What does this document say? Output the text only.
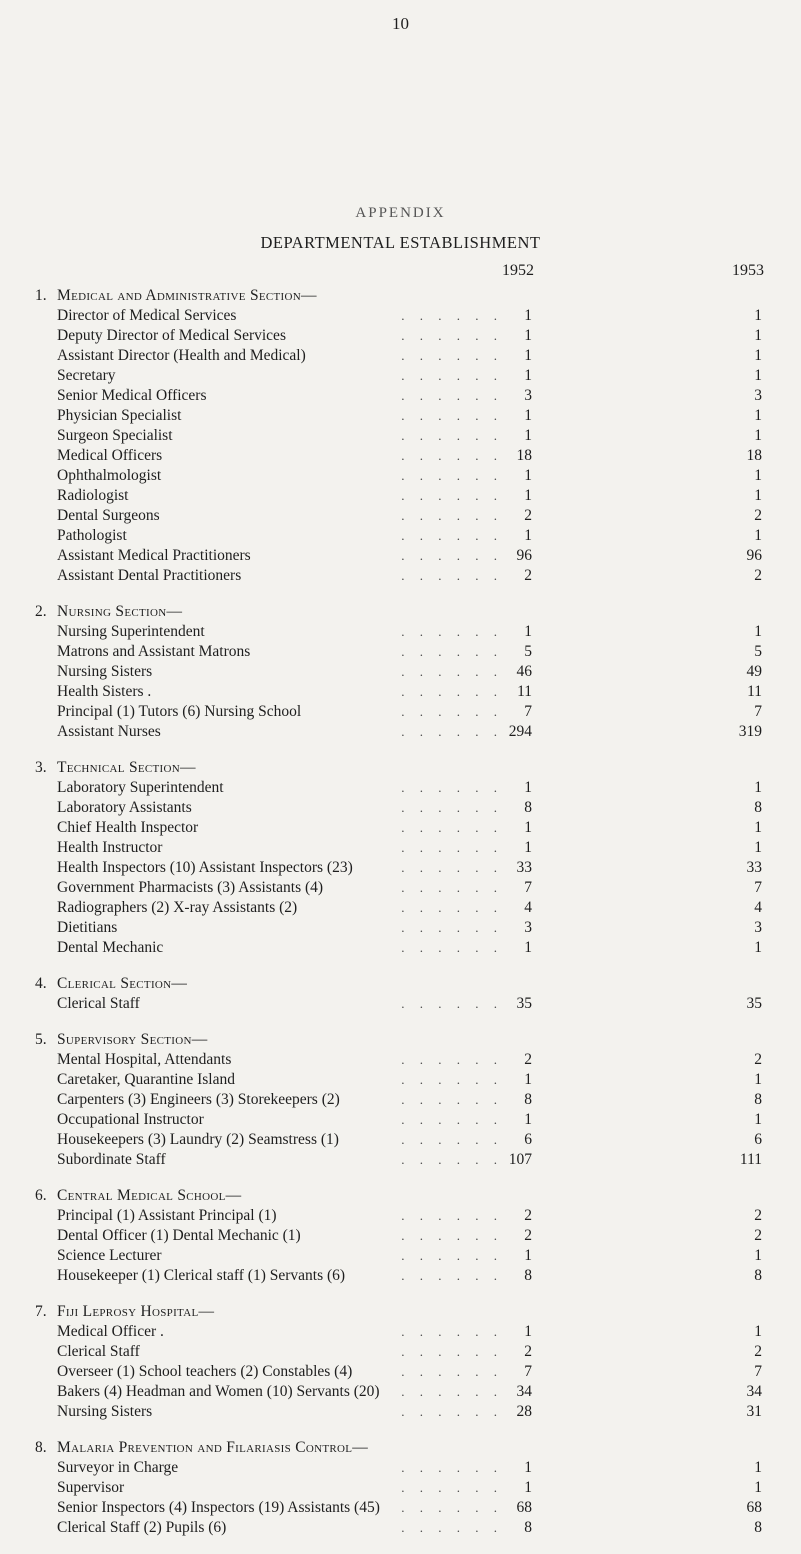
10
APPENDIX
DEPARTMENTAL ESTABLISHMENT
1952	1953
1. Medical and Administrative Section—
. . . . . .
Director of Medical Services	1	1
. . . . . .
Deputy Director of Medical Services	1	1
. . . . . .
Assistant Director (Health and Medical)	1	1
. . . . . .
Secretary	1	1
. . . . . .
Senior Medical Officers	3	3
. . . . . .
Physician Specialist	1	1
. . . . . .
Surgeon Specialist	1	1
. . . . . .
Medical Officers	18	18
. . . . . .
Ophthalmologist	1	1
. . . . . .
Radiologist	1	1
. . . . . .
Dental Surgeons	2	2
. . . . . .
Pathologist	1	1
. . . . . .
Assistant Medical Practitioners	96	96
. . . . . .
Assistant Dental Practitioners	2	2
2. Nursing Section—
. . . . . .
Nursing Superintendent	1	1
. . . . . .
Matrons and Assistant Matrons	5	5
. . . . . .
Nursing Sisters	46	49
. . . . . .
Health Sisters .	11	11
. . . . . .
Principal (1) Tutors (6) Nursing School	7	7
. . . . . .
Assistant Nurses	294	319
3. Technical Section—
. . . . . .
Laboratory Superintendent	1	1
. . . . . .
Laboratory Assistants	8	8
. . . . . .
Chief Health Inspector	1	1
. . . . . .
Health Instructor	1	1
. . . . . .
Health Inspectors (10) Assistant Inspectors (23)	33	33
. . . . . .
Government Pharmacists (3) Assistants (4)	7	7
. . . . . .
Radiographers (2) X-ray Assistants (2)	4	4
. . . . . .
Dietitians	3	3
. . . . . .
Dental Mechanic	1	1
4. Clerical Section—
. . . . . .
Clerical Staff	35	35
5. Supervisory Section—
. . . . . .
Mental Hospital, Attendants	2	2
. . . . . .
Caretaker, Quarantine Island	1	1
. . . . . .
Carpenters (3) Engineers (3) Storekeepers (2)	8	8
. . . . . .
Occupational Instructor	1	1
. . . . . .
Housekeepers (3) Laundry (2) Seamstress (1)	6	6
. . . . . .
Subordinate Staff	107	111
6. Central Medical School—
. . . . . .
Principal (1) Assistant Principal (1)	2	2
. . . . . .
Dental Officer (1) Dental Mechanic (1)	2	2
. . . . . .
Science Lecturer	1	1
. . . . . .
Housekeeper (1) Clerical staff (1) Servants (6)	8	8
7. Fiji Leprosy Hospital—
. . . . . .
Medical Officer .	1	1
. . . . . .
Clerical Staff	2	2
. . . . . .
Overseer (1) School teachers (2) Constables (4)	7	7
. . . . . .
Bakers (4) Headman and Women (10) Servants (20)	34	34
. . . . . .
Nursing Sisters	28	31
8. Malaria Prevention and Filariasis Control—
. . . . . .
Surveyor in Charge	1	1
. . . . . .
Supervisor	1	1
. . . . . .
Senior Inspectors (4) Inspectors (19) Assistants (45)	68	68
. . . . . .
Clerical Staff (2) Pupils (6)	8	8
